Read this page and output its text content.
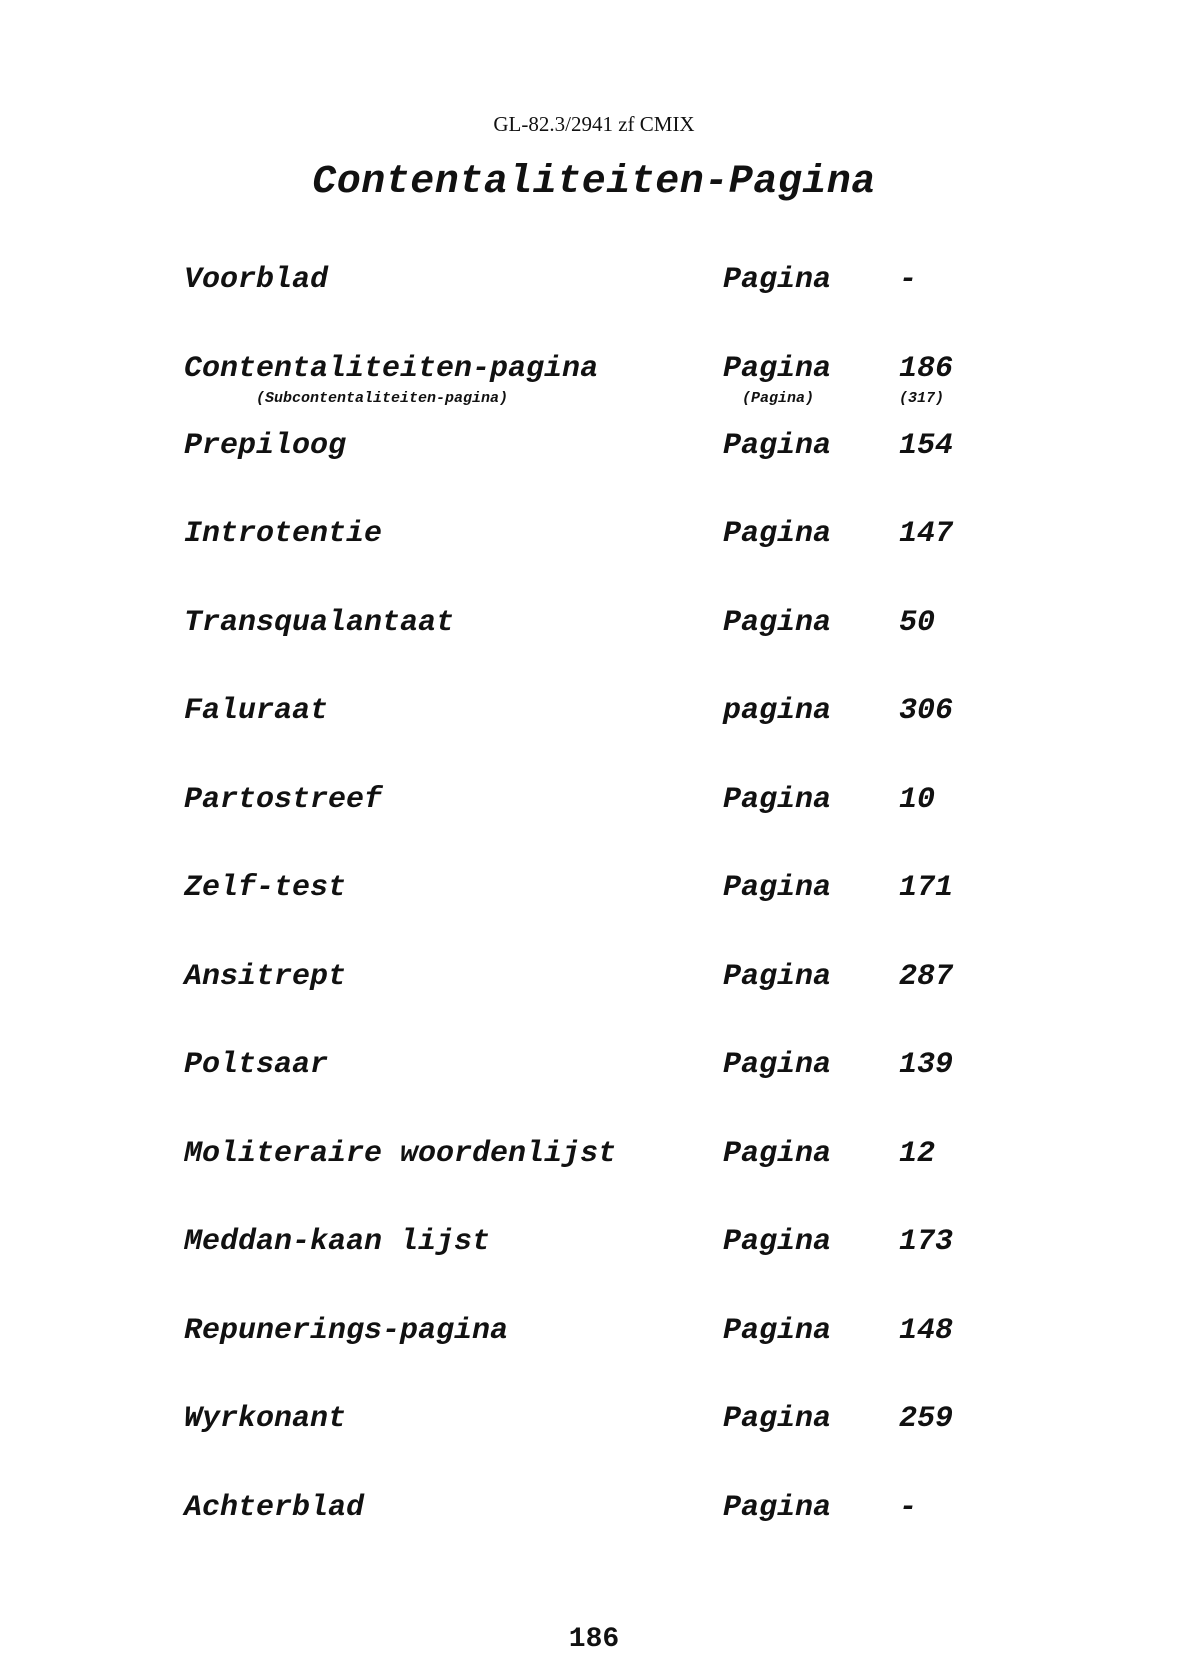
GL-82.3/2941 zf CMIX
Contentaliteiten-Pagina
Voorblad	Pagina -
Contentaliteiten-pagina	Pagina 186
(Subcontentaliteiten-pagina)	(Pagina)	(317)
Prepiloog	Pagina 154
Introtentie	Pagina 147
Transqualantaat	Pagina 50
Faluraat	pagina 306
Partostreef	Pagina 10
Zelf-test	Pagina 171
Ansitrept	Pagina 287
Poltsaar	Pagina 139
Moliteraire woordenlijst	Pagina 12
Meddan-kaan lijst	Pagina 173
Repunerings-pagina	Pagina 148
Wyrkonant	Pagina 259
Achterblad	Pagina -
186
